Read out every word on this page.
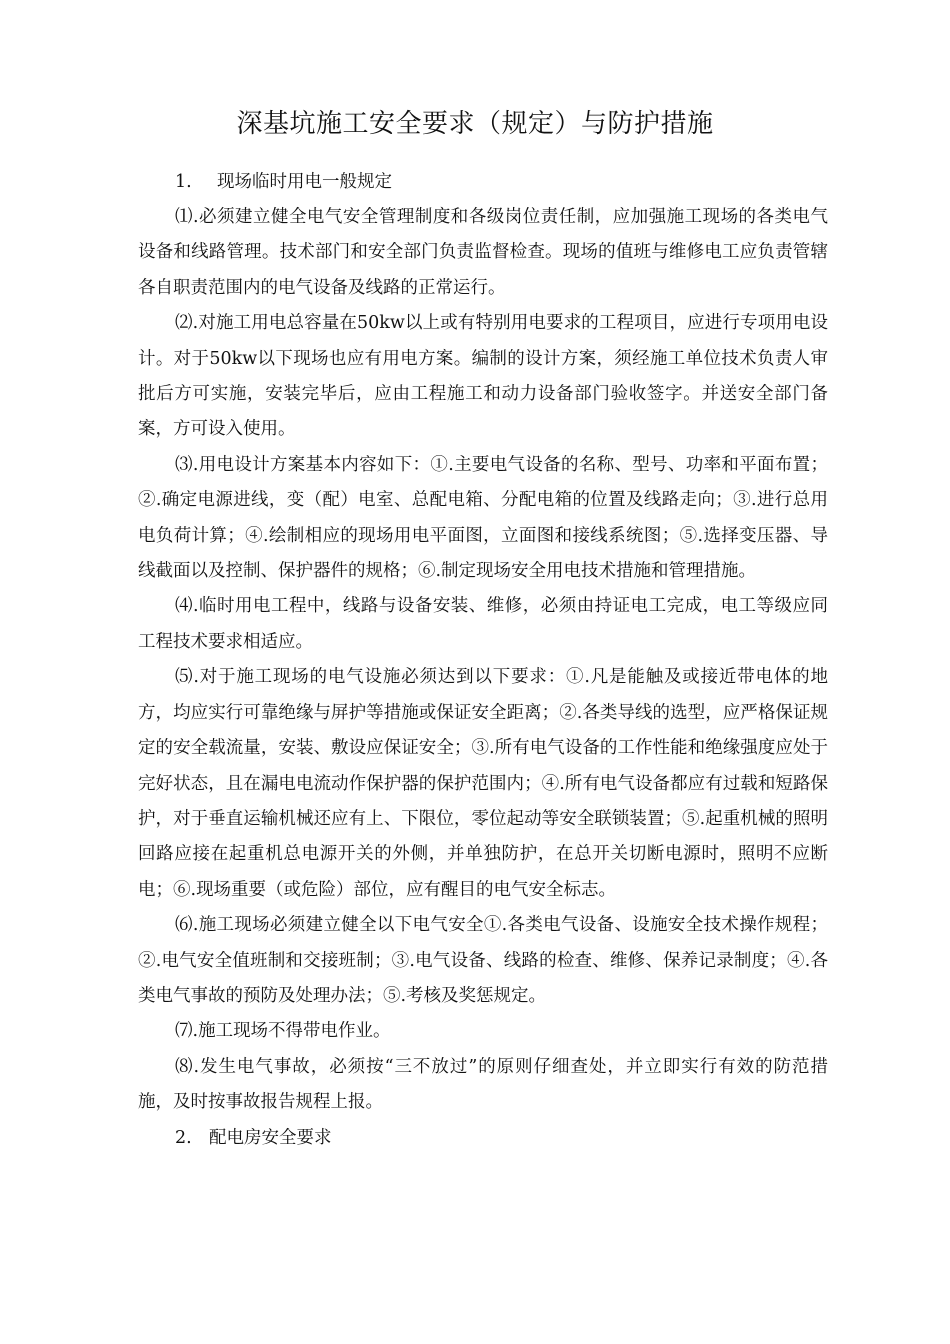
深基坑施工安全要求（规定）与防护措施

1. 现场临时用电一般规定

⑴.必须建立健全电气安全管理制度和各级岗位责任制，应加强施工现场的各类电气设备和线路管理。技术部门和安全部门负责监督检查。现场的值班与维修电工应负责管辖各自职责范围内的电气设备及线路的正常运行。

⑵.对施工用电总容量在50kw以上或有特别用电要求的工程项目，应进行专项用电设计。对于50kw以下现场也应有用电方案。编制的设计方案，须经施工单位技术负责人审批后方可实施，安装完毕后，应由工程施工和动力设备部门验收签字。并送安全部门备案，方可设入使用。

⑶.用电设计方案基本内容如下：①.主要电气设备的名称、型号、功率和平面布置；②.确定电源进线，变（配）电室、总配电箱、分配电箱的位置及线路走向；③.进行总用电负荷计算；④.绘制相应的现场用电平面图，立面图和接线系统图；⑤.选择变压器、导线截面以及控制、保护器件的规格；⑥.制定现场安全用电技术措施和管理措施。

⑷.临时用电工程中，线路与设备安装、维修，必须由持证电工完成，电工等级应同工程技术要求相适应。

⑸.对于施工现场的电气设施必须达到以下要求：①.凡是能触及或接近带电体的地方，均应实行可靠绝缘与屏护等措施或保证安全距离；②.各类导线的选型，应严格保证规定的安全载流量，安装、敷设应保证安全；③.所有电气设备的工作性能和绝缘强度应处于完好状态，且在漏电电流动作保护器的保护范围内；④.所有电气设备都应有过载和短路保护，对于垂直运输机械还应有上、下限位，零位起动等安全联锁装置；⑤.起重机械的照明回路应接在起重机总电源开关的外侧，并单独防护，在总开关切断电源时，照明不应断电；⑥.现场重要（或危险）部位，应有醒目的电气安全标志。

⑹.施工现场必须建立健全以下电气安全①.各类电气设备、设施安全技术操作规程；②.电气安全值班制和交接班制；③.电气设备、线路的检查、维修、保养记录制度；④.各类电气事故的预防及处理办法；⑤.考核及奖惩规定。

⑺.施工现场不得带电作业。

⑻.发生电气事故，必须按“三不放过”的原则仔细查处，并立即实行有效的防范措施，及时按事故报告规程上报。

2. 配电房安全要求
